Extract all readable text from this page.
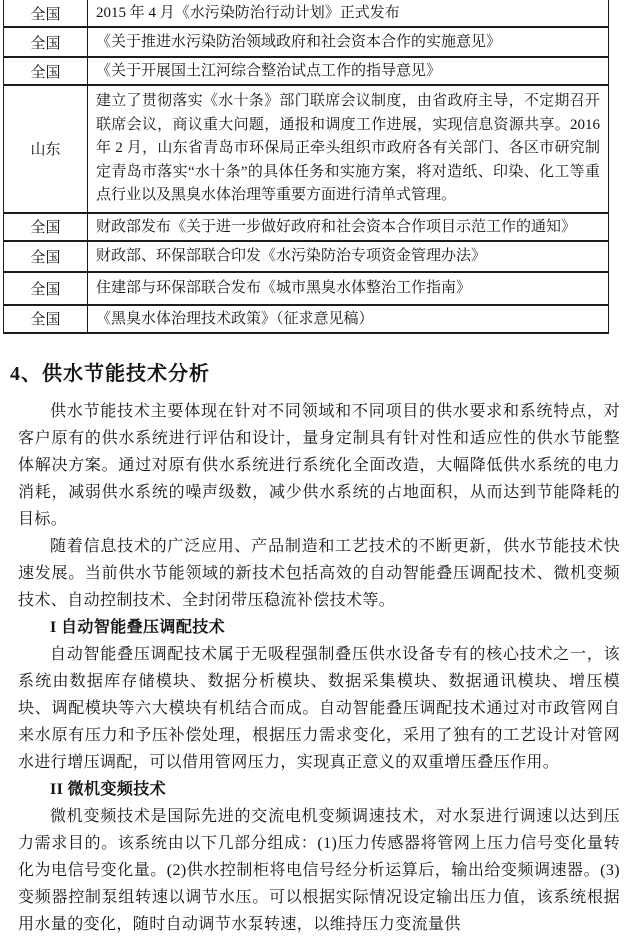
全国	2015 年 4 月《水污染防治行动计划》正式发布
全国	《关于推进水污染防治领域政府和社会资本合作的实施意见》
全国	《关于开展国土江河综合整治试点工作的指导意见》
山东	建立了贯彻落实《水十条》部门联席会议制度，由省政府主导，不定期召开联席会议，商议重大问题，通报和调度工作进展，实现信息资源共享。2016 年 2 月，山东省青岛市环保局正牵头组织市政府各有关部门、各区市研究制定青岛市落实“水十条”的具体任务和实施方案，将对造纸、印染、化工等重点行业以及黑臭水体治理等重要方面进行清单式管理。
全国	财政部发布《关于进一步做好政府和社会资本合作项目示范工作的通知》
全国	财政部、环保部联合印发《水污染防治专项资金管理办法》
全国	住建部与环保部联合发布《城市黑臭水体整治工作指南》
全国	《黑臭水体治理技术政策》（征求意见稿）
4、供水节能技术分析

供水节能技术主要体现在针对不同领域和不同项目的供水要求和系统特点，对客户原有的供水系统进行评估和设计，量身定制具有针对性和适应性的供水节能整体解决方案。通过对原有供水系统进行系统化全面改造，大幅降低供水系统的电力消耗，减弱供水系统的噪声级数，减少供水系统的占地面积，从而达到节能降耗的目标。

随着信息技术的广泛应用、产品制造和工艺技术的不断更新，供水节能技术快速发展。当前供水节能领域的新技术包括高效的自动智能叠压调配技术、微机变频技术、自动控制技术、全封闭带压稳流补偿技术等。

I 自动智能叠压调配技术

自动智能叠压调配技术属于无吸程强制叠压供水设备专有的核心技术之一，该系统由数据库存储模块、数据分析模块、数据采集模块、数据通讯模块、增压模块、调配模块等六大模块有机结合而成。自动智能叠压调配技术通过对市政管网自来水原有压力和予压补偿处理，根据压力需求变化，采用了独有的工艺设计对管网水进行增压调配，可以借用管网压力，实现真正意义的双重增压叠压作用。

II 微机变频技术

微机变频技术是国际先进的交流电机变频调速技术，对水泵进行调速以达到压力需求目的。该系统由以下几部分组成：(1)压力传感器将管网上压力信号变化量转化为电信号变化量。(2)供水控制柜将电信号经分析运算后，输出给变频调速器。(3)变频器控制泵组转速以调节水压。可以根据实际情况设定输出压力值，该系统根据用水量的变化，随时自动调节水泵转速，以维持压力变流量供
